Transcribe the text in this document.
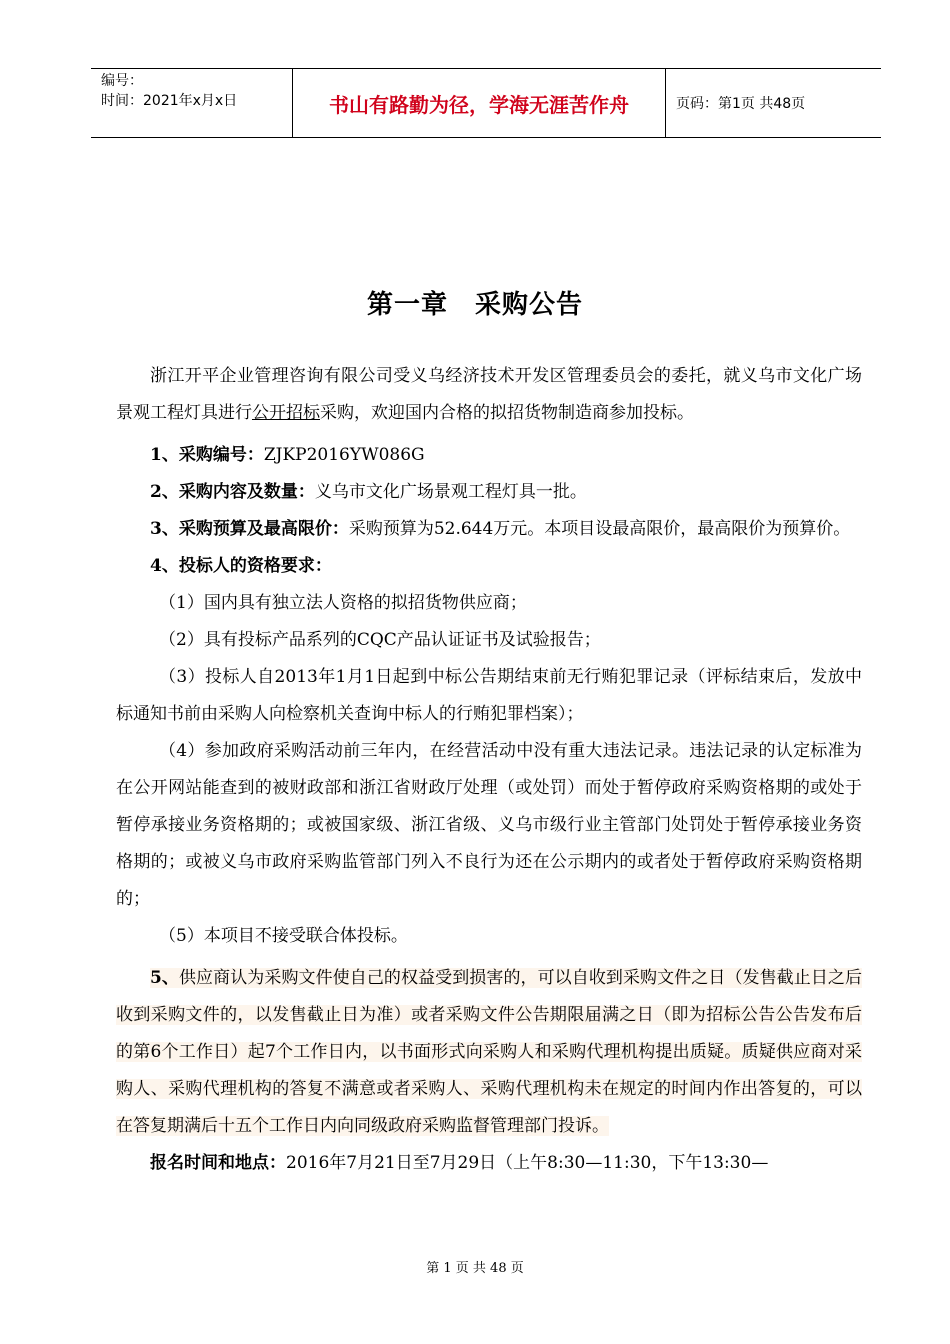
编号：
时间：2021年x月x日	书山有路勤为径，学海无涯苦作舟	页码：第1页 共48页
第一章　采购公告

浙江开平企业管理咨询有限公司受义乌经济技术开发区管理委员会的委托，就义乌市文化广场景观工程灯具进行公开招标采购，欢迎国内合格的拟招货物制造商参加投标。

1、采购编号：ZJKP2016YW086G

2、采购内容及数量：义乌市文化广场景观工程灯具一批。

3、采购预算及最高限价：采购预算为52.644万元。本项目设最高限价，最高限价为预算价。

4、投标人的资格要求：

（1）国内具有独立法人资格的拟招货物供应商；

（2）具有投标产品系列的CQC产品认证证书及试验报告；

（3）投标人自2013年1月1日起到中标公告期结束前无行贿犯罪记录（评标结束后，发放中标通知书前由采购人向检察机关查询中标人的行贿犯罪档案）；

（4）参加政府采购活动前三年内，在经营活动中没有重大违法记录。违法记录的认定标准为在公开网站能查到的被财政部和浙江省财政厅处理（或处罚）而处于暂停政府采购资格期的或处于暂停承接业务资格期的；或被国家级、浙江省级、义乌市级行业主管部门处罚处于暂停承接业务资格期的；或被义乌市政府采购监管部门列入不良行为还在公示期内的或者处于暂停政府采购资格期的；

（5）本项目不接受联合体投标。

5、供应商认为采购文件使自己的权益受到损害的，可以自收到采购文件之日（发售截止日之后收到采购文件的，以发售截止日为准）或者采购文件公告期限届满之日（即为招标公告公告发布后的第6个工作日）起7个工作日内，以书面形式向采购人和采购代理机构提出质疑。质疑供应商对采购人、采购代理机构的答复不满意或者采购人、采购代理机构未在规定的时间内作出答复的，可以在答复期满后十五个工作日内向同级政府采购监督管理部门投诉。

报名时间和地点：2016年7月21日至7月29日（上午8:30—11:30，下午13:30—

第 1 页 共 48 页
